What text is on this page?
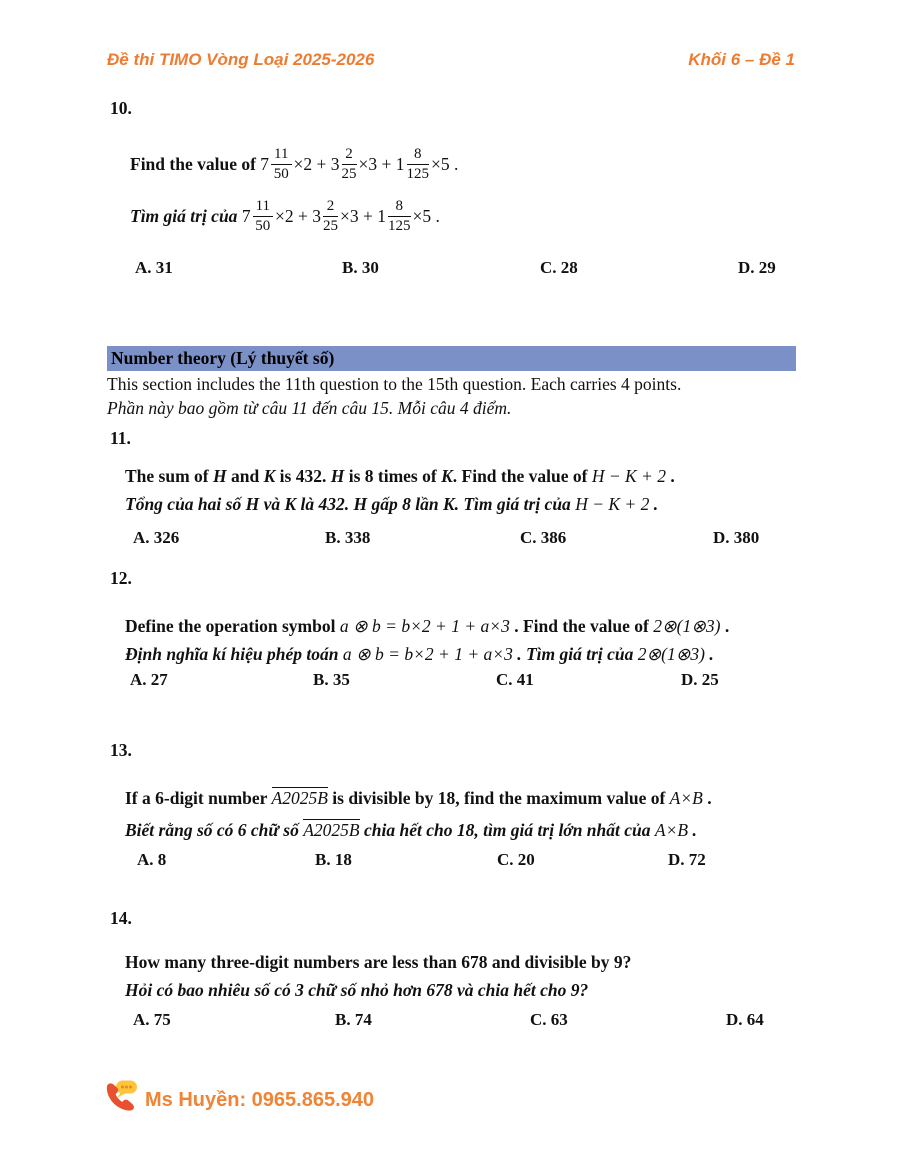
Đề thi TIMO Vòng Loại 2025-2026	Khối 6 – Đề 1
10.
Find the value of $7 \frac{11}{50} \times 2 + 3 \frac{2}{25} \times 3 + 1 \frac{8}{125} \times 5$ .
Tìm giá trị của $7 \frac{11}{50} \times 2 + 3 \frac{2}{25} \times 3 + 1 \frac{8}{125} \times 5$ .
A. 31	B. 30	C. 28	D. 29
Number theory (Lý thuyết số)
This section includes the 11th question to the 15th question. Each carries 4 points.
Phần này bao gồm từ câu 11 đến câu 15. Mỗi câu 4 điểm.
11.
The sum of H and K is 432. H is 8 times of K. Find the value of H − K + 2 .
Tổng của hai số H và K là 432. H gấp 8 lần K. Tìm giá trị của H − K + 2 .
A. 326	B. 338	C. 386	D. 380
12.
Define the operation symbol a ⊗ b = b×2 + 1 + a×3 . Find the value of 2⊗(1⊗3) .
Định nghĩa kí hiệu phép toán a ⊗ b = b×2 + 1 + a×3 . Tìm giá trị của 2⊗(1⊗3) .
A. 27	B. 35	C. 41	D. 25
13.
If a 6-digit number A2025B is divisible by 18, find the maximum value of A×B .
Biết rằng số có 6 chữ số A2025B chia hết cho 18, tìm giá trị lớn nhất của A×B .
A. 8	B. 18	C. 20	D. 72
14.
How many three-digit numbers are less than 678 and divisible by 9?
Hỏi có bao nhiêu số có 3 chữ số nhỏ hơn 678 và chia hết cho 9?
A. 75	B. 74	C. 63	D. 64
Ms Huyền: 0965.865.940
